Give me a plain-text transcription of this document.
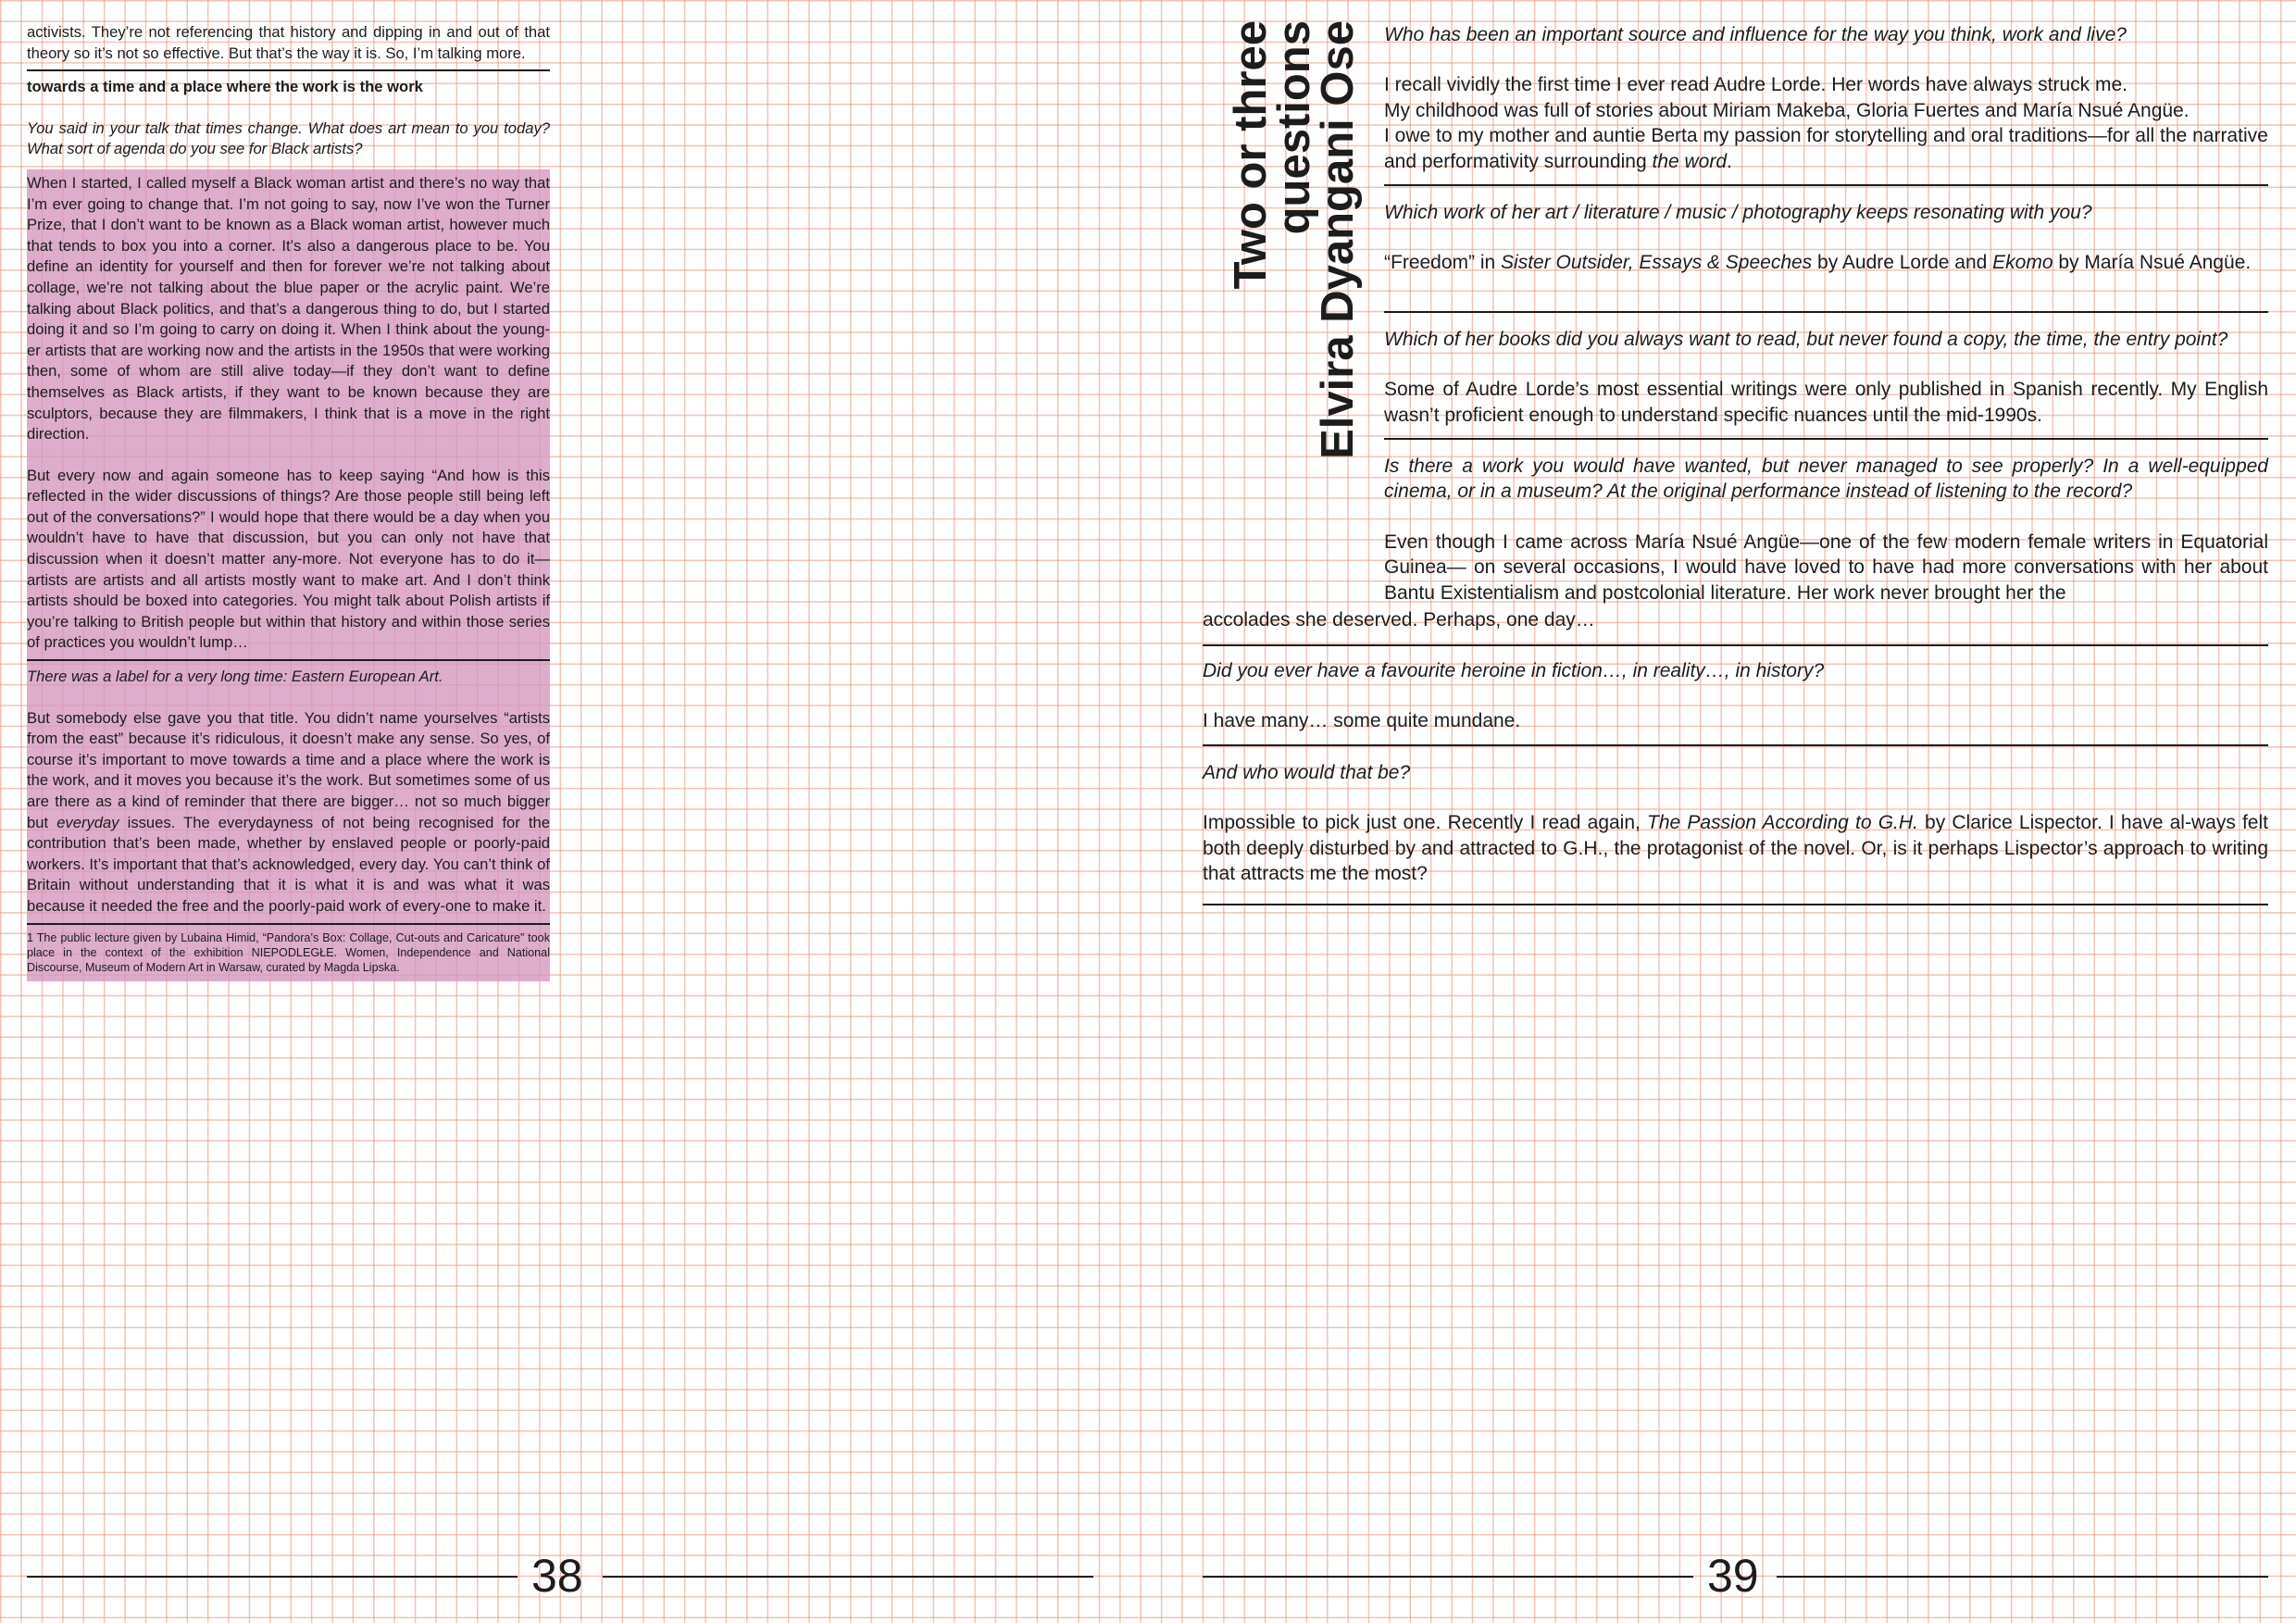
activists. They’re not referencing that history and dipping in and out of that theory so it’s not so effective. But that’s the way it is. So, I’m talking more.

towards a time and a place where the work is the work

You said in your talk that times change. What does art mean to you today? What sort of agenda do you see for Black artists?

When I started, I called myself a Black woman artist and there’s no way that I’m ever going to change that. I’m not going to say, now I’ve won the Turner Prize, that I don’t want to be known as a Black woman artist, however much that tends to box you into a corner. It’s also a dangerous place to be. You define an identity for yourself and then for forever we’re not talking about collage, we’re not talking about the blue paper or the acrylic paint. We’re talking about Black politics, and that’s a dangerous thing to do, but I started doing it and so I’m going to carry on doing it. When I think about the young-er artists that are working now and the artists in the 1950s that were working then, some of whom are still alive today—if they don’t want to define themselves as Black artists, if they want to be known because they are sculptors, because they are filmmakers, I think that is a move in the right direction.

But every now and again someone has to keep saying “And how is this reflected in the wider discussions of things? Are those people still being left out of the conversations?” I would hope that there would be a day when you wouldn’t have to have that discussion, but you can only not have that discussion when it doesn’t matter any-more. Not everyone has to do it—artists are artists and all artists mostly want to make art. And I don’t think artists should be boxed into categories. You might talk about Polish artists if you’re talking to British people but within that history and within those series of practices you wouldn’t lump…

There was a label for a very long time: Eastern European Art.

But somebody else gave you that title. You didn’t name yourselves “artists from the east” because it’s ridiculous, it doesn’t make any sense. So yes, of course it’s important to move towards a time and a place where the work is the work, and it moves you because it’s the work. But sometimes some of us are there as a kind of reminder that there are bigger… not so much bigger but everyday issues. The everydayness of not being recognised for the contribution that’s been made, whether by enslaved people or poorly-paid workers. It’s important that that’s acknowledged, every day. You can’t think of Britain without understanding that it is what it is and was what it was because it needed the free and the poorly-paid work of every-one to make it.

1 The public lecture given by Lubaina Himid, “Pandora’s Box: Collage, Cut-outs and Caricature” took place in the context of the exhibition NIEPODLEGŁE. Women, Independence and National Discourse, Museum of Modern Art in Warsaw, curated by Magda Lipska.

38
Two or three
questions
Elvira Dyangani Ose Who has been an important source and influence for the way you think, work and live?

I recall vividly the first time I ever read Audre Lorde. Her words have always struck me.

My childhood was full of stories about Miriam Makeba, Gloria Fuertes and María Nsué Angüe.

I owe to my mother and auntie Berta my passion for storytelling and oral traditions—for all the narrative and performativity surrounding the word.

Which work of her art / literature / music / photography keeps resonating with you?

“Freedom” in Sister Outsider, Essays & Speeches by Audre Lorde and Ekomo by María Nsué Angüe.

Which of her books did you always want to read, but never found a copy, the time, the entry point?

Some of Audre Lorde’s most essential writings were only published in Spanish recently. My English wasn’t proficient enough to understand specific nuances until the mid-1990s.

Is there a work you would have wanted, but never managed to see properly? In a well-equipped cinema, or in a museum? At the original performance instead of listening to the record?

Even though I came across María Nsué Angüe—one of the few modern female writers in Equatorial Guinea— on several occasions, I would have loved to have had more conversations with her about Bantu Existentialism and postcolonial literature. Her work never brought her the

accolades she deserved. Perhaps, one day…

Did you ever have a favourite heroine in fiction…, in reality…, in history?

I have many… some quite mundane.

And who would that be?

Impossible to pick just one. Recently I read again, The Passion According to G.H. by Clarice Lispector. I have al-ways felt both deeply disturbed by and attracted to G.H., the protagonist of the novel. Or, is it perhaps Lispector’s approach to writing that attracts me the most?

39
